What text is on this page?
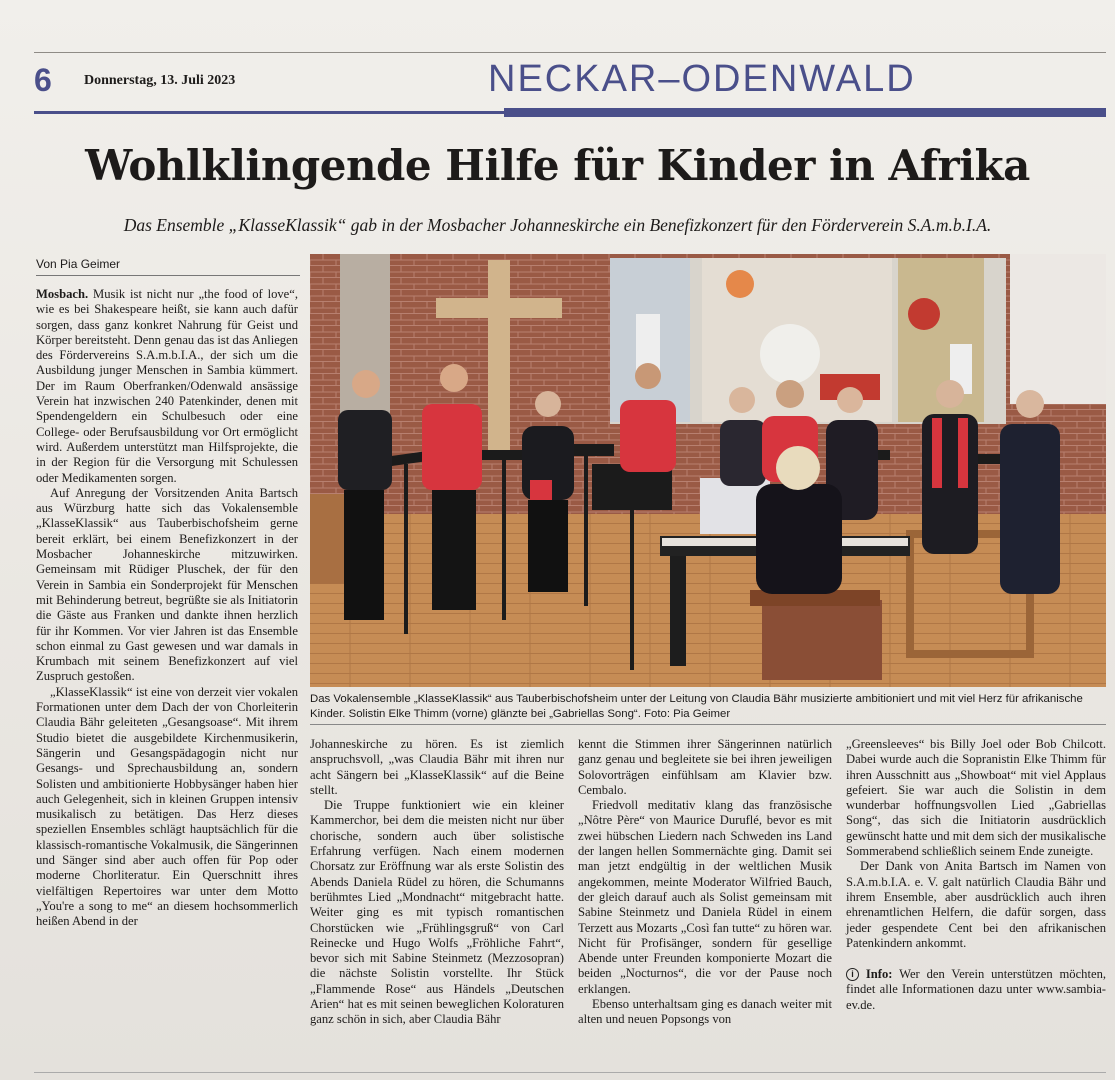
6 Donnerstag, 13. Juli 2023	NECKAR–ODENWALD
Wohlklingende Hilfe für Kinder in Afrika
Das Ensemble „KlasseKlassik“ gab in der Mosbacher Johanneskirche ein Benefizkonzert für den Förderverein S.A.m.b.I.A.
Von Pia Geimer

Mosbach. Musik ist nicht nur „the food of love“, wie es bei Shakespeare heißt, sie kann auch dafür sorgen, dass ganz konkret Nahrung für Geist und Körper bereitsteht. Denn genau das ist das Anliegen des Fördervereins S.A.m.b.I.A., der sich um die Ausbildung junger Menschen in Sambia kümmert. Der im Raum Oberfranken/Odenwald ansässige Verein hat inzwischen 240 Patenkinder, denen mit Spendengeldern ein Schulbesuch oder eine College- oder Berufsausbildung vor Ort ermöglicht wird. Außerdem unterstützt man Hilfsprojekte, die in der Region für die Versorgung mit Schulessen oder Medikamenten sorgen.

Auf Anregung der Vorsitzenden Anita Bartsch aus Würzburg hatte sich das Vokalensemble „KlasseKlassik“ aus Tauberbischofsheim gerne bereit erklärt, bei einem Benefizkonzert in der Mosbacher Johanneskirche mitzuwirken. Gemeinsam mit Rüdiger Pluschek, der für den Verein in Sambia ein Sonderprojekt für Menschen mit Behinderung betreut, begrüßte sie als Initiatorin die Gäste aus Franken und dankte ihnen herzlich für ihr Kommen. Vor vier Jahren ist das Ensemble schon einmal zu Gast gewesen und war damals in Krumbach mit seinem Benefizkonzert auf viel Zuspruch gestoßen.

„KlasseKlassik“ ist eine von derzeit vier vokalen Formationen unter dem Dach der von Chorleiterin Claudia Bähr geleiteten „Gesangsoase“. Mit ihrem Studio bietet die ausgebildete Kirchenmusikerin, Sängerin und Gesangspädagogin nicht nur Gesangs- und Sprechausbildung an, sondern Solisten und ambitionierte Hobbysänger haben hier auch Gelegenheit, sich in kleinen Gruppen intensiv musikalisch zu betätigen. Das Herz dieses speziellen Ensembles schlägt hauptsächlich für die klassisch-romantische Vokalmusik, die Sängerinnen und Sänger sind aber auch offen für Pop oder moderne Chorliteratur. Ein Querschnitt ihres vielfältigen Repertoires war unter dem Motto „You're a song to me“ an diesem hochsommerlich heißen Abend in der

Das Vokalensemble „KlasseKlassik“ aus Tauberbischofsheim unter der Leitung von Claudia Bähr musizierte ambitioniert und mit viel Herz für afrikanische Kinder. Solistin Elke Thimm (vorne) glänzte bei „Gabriellas Song“. Foto: Pia Geimer

Johanneskirche zu hören. Es ist ziemlich anspruchsvoll, „was Claudia Bähr mit ihren nur acht Sängern bei „KlasseKlassik“ auf die Beine stellt.

Die Truppe funktioniert wie ein kleiner Kammerchor, bei dem die meisten nicht nur über chorische, sondern auch über solistische Erfahrung verfügen. Nach einem modernen Chorsatz zur Eröffnung war als erste Solistin des Abends Daniela Rüdel zu hören, die Schumanns berühmtes Lied „Mondnacht“ mitgebracht hatte. Weiter ging es mit typisch romantischen Chorstücken wie „Frühlingsgruß“ von Carl Reinecke und Hugo Wolfs „Fröhliche Fahrt“, bevor sich mit Sabine Steinmetz (Mezzosopran) die nächste Solistin vorstellte. Ihr Stück „Flammende Rose“ aus Händels „Deutschen Arien“ hat es mit seinen beweglichen Koloraturen ganz schön in sich, aber Claudia Bähr

kennt die Stimmen ihrer Sängerinnen natürlich ganz genau und begleitete sie bei ihren jeweiligen Solovorträgen einfühlsam am Klavier bzw. Cembalo.

Friedvoll meditativ klang das französische „Nôtre Père“ von Maurice Duruflé, bevor es mit zwei hübschen Liedern nach Schweden ins Land der langen hellen Sommernächte ging. Damit sei man jetzt endgültig in der weltlichen Musik angekommen, meinte Moderator Wilfried Bauch, der gleich darauf auch als Solist gemeinsam mit Sabine Steinmetz und Daniela Rüdel in einem Terzett aus Mozarts „Così fan tutte“ zu hören war. Nicht für Profisänger, sondern für gesellige Abende unter Freunden komponierte Mozart die beiden „Nocturnos“, die vor der Pause noch erklangen.

Ebenso unterhaltsam ging es danach weiter mit alten und neuen Popsongs von

„Greensleeves“ bis Billy Joel oder Bob Chilcott. Dabei wurde auch die Sopranistin Elke Thimm für ihren Ausschnitt aus „Showboat“ mit viel Applaus gefeiert. Sie war auch die Solistin in dem wunderbar hoffnungsvollen Lied „Gabriellas Song“, das sich die Initiatorin ausdrücklich gewünscht hatte und mit dem sich der musikalische Sommerabend schließlich seinem Ende zuneigte.

Der Dank von Anita Bartsch im Namen von S.A.m.b.I.A. e. V. galt natürlich Claudia Bähr und ihrem Ensemble, aber ausdrücklich auch ihren ehrenamtlichen Helfern, die dafür sorgen, dass jeder gespendete Cent bei den afrikanischen Patenkindern ankommt.

i Info: Wer den Verein unterstützen möchten, findet alle Informationen dazu unter www.sambia-ev.de.
